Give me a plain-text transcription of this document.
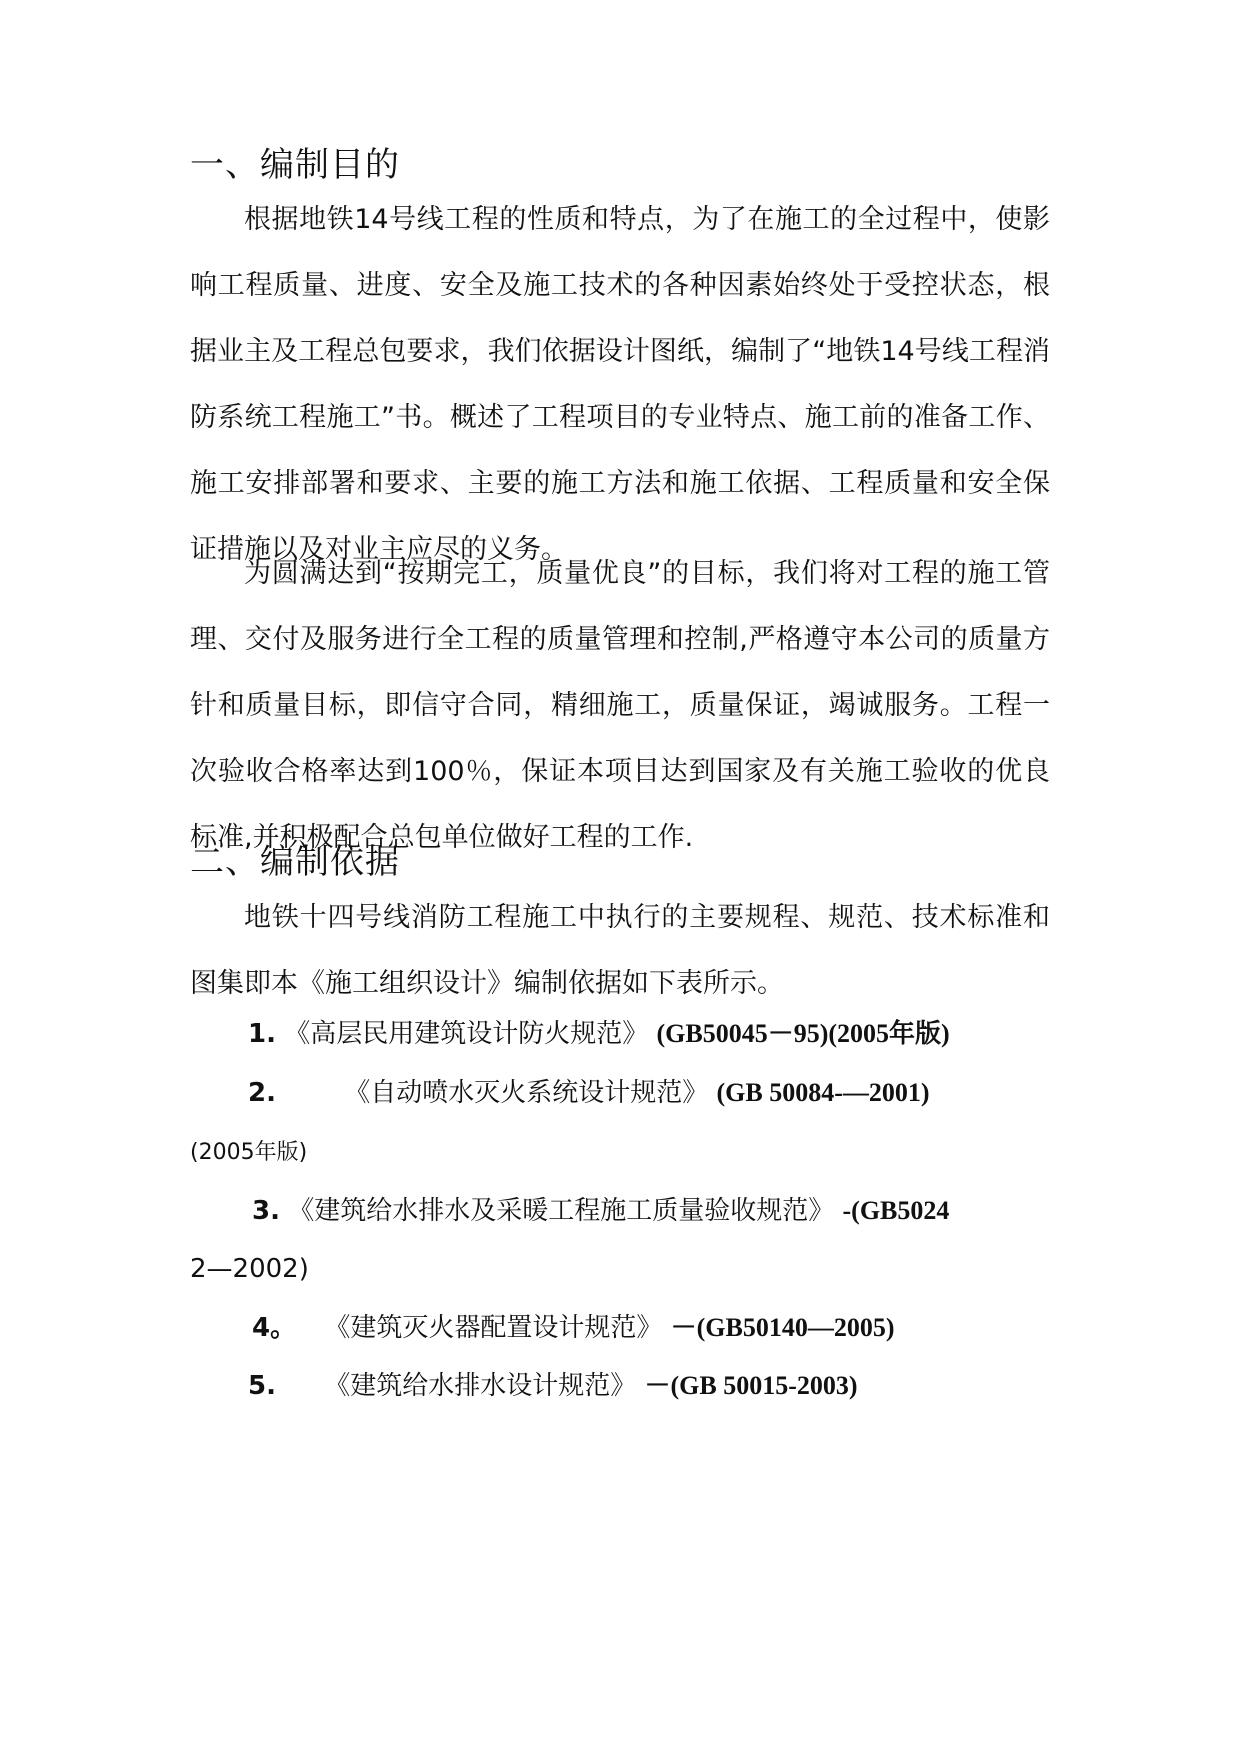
一、编制目的

根据地铁14号线工程的性质和特点，为了在施工的全过程中，使影响工程质量、进度、安全及施工技术的各种因素始终处于受控状态，根据业主及工程总包要求，我们依据设计图纸，编制了“地铁14号线工程消防系统工程施工”书。概述了工程项目的专业特点、施工前的准备工作、施工安排部署和要求、主要的施工方法和施工依据、工程质量和安全保证措施以及对业主应尽的义务。

为圆满达到“按期完工，质量优良”的目标，我们将对工程的施工管理、交付及服务进行全工程的质量管理和控制,严格遵守本公司的质量方针和质量目标，即信守合同，精细施工，质量保证，竭诚服务。工程一次验收合格率达到100％，保证本项目达到国家及有关施工验收的优良标准,并积极配合总包单位做好工程的工作.

二、编制依据

地铁十四号线消防工程施工中执行的主要规程、规范、技术标准和图集即本《施工组织设计》编制依据如下表所示。

1. 《高层民用建筑设计防火规范》 (GB50045－95)(2005年版)
2.	《自动喷水灭火系统设计规范》 (GB 50084-—2001)
(2005年版)
3. 《建筑给水排水及采暖工程施工质量验收规范》 -(GB5024
2—2002)
4。 《建筑灭火器配置设计规范》 －(GB50140—2005)
5. 《建筑给水排水设计规范》 －(GB 50015-2003)
